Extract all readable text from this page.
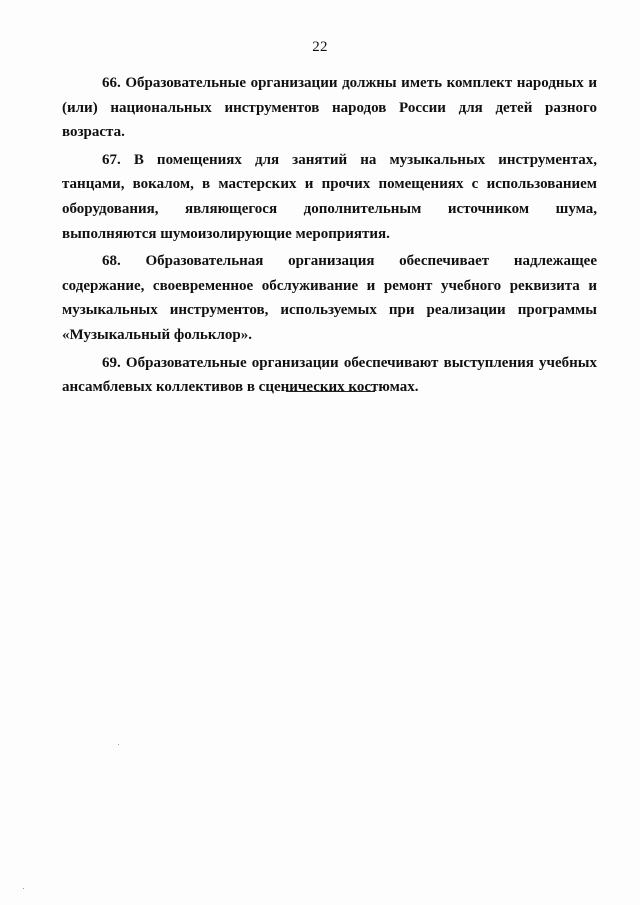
22

66. Образовательные организации должны иметь комплект народных и (или) национальных инструментов народов России для детей разного возраста.

67. В помещениях для занятий на музыкальных инструментах, танцами, вокалом, в мастерских и прочих помещениях с использованием оборудования, являющегося дополнительным источником шума, выполняются шумоизолирующие мероприятия.

68. Образовательная организация обеспечивает надлежащее содержание, своевременное обслуживание и ремонт учебного реквизита и музыкальных инструментов, используемых при реализации программы «Музыкальный фольклор».

69. Образовательные организации обеспечивают выступления учебных ансамблевых коллективов в сценических костюмах.
